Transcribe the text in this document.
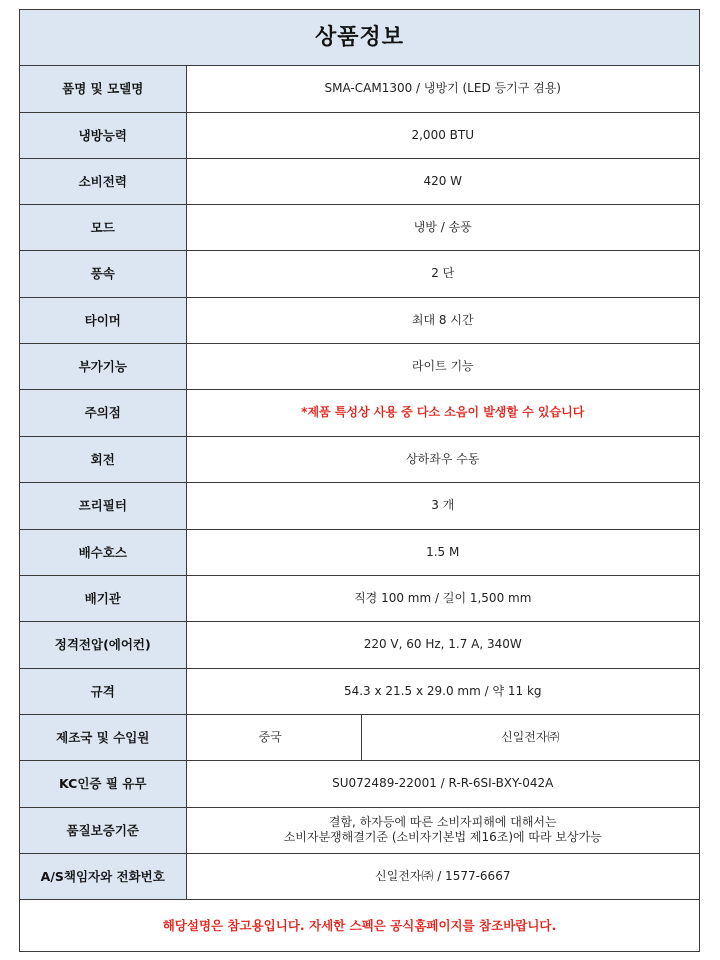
상품정보		
품명 및 모델명	SMA-CAM1300 / 냉방기 (LED 등기구 겸용)	
냉방능력	2,000 BTU	
소비전력	420 W	
모드	냉방 / 송풍	
풍속	2 단	
타이머	최대 8 시간	
부가기능	라이트 기능	
주의점	*제품 특성상 사용 중 다소 소음이 발생할 수 있습니다	
회전	상하좌우 수동	
프리필터	3 개	
배수호스	1.5 M	
배기관	직경 100 mm / 길이 1,500 mm	
정격전압(에어컨)	220 V, 60 Hz, 1.7 A, 340W	
규격	54.3 x 21.5 x 29.0 mm / 약 11 kg	
제조국 및 수입원	중국	신일전자㈜
KC인증 필 유무	SU072489-22001 / R-R-6SI-BXY-042A	
품질보증기준	결함, 하자등에 따른 소비자피해에 대해서는
소비자분쟁해결기준 (소비자기본법 제16조)에 따라 보상가능	

A/S책임자와 전화번호	신일전자㈜ / 1577-6667	
해당설명은 참고용입니다. 자세한 스펙은 공식홈페이지를 참조바랍니다.		
